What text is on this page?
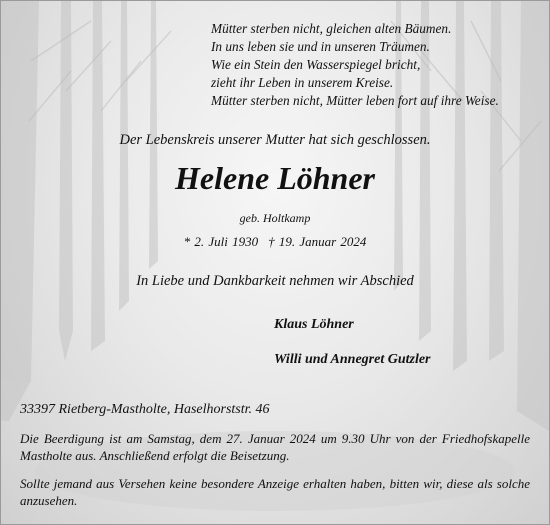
Mütter sterben nicht, gleichen alten Bäumen.
In uns leben sie und in unseren Träumen.
Wie ein Stein den Wasserspiegel bricht,
zieht ihr Leben in unserem Kreise.
Mütter sterben nicht, Mütter leben fort auf ihre Weise.
Der Lebenskreis unserer Mutter hat sich geschlossen.
Helene Löhner
geb. Holtkamp
* 2. Juli 1930 † 19. Januar 2024
In Liebe und Dankbarkeit nehmen wir Abschied
Klaus Löhner
Willi und Annegret Gutzler
33397 Rietberg-Mastholte, Haselhorststr. 46
Die Beerdigung ist am Samstag, dem 27. Januar 2024 um 9.30 Uhr von der Friedhofskapelle Mastholte aus. Anschließend erfolgt die Beisetzung.
Sollte jemand aus Versehen keine besondere Anzeige erhalten haben, bitten wir, diese als solche anzusehen.
